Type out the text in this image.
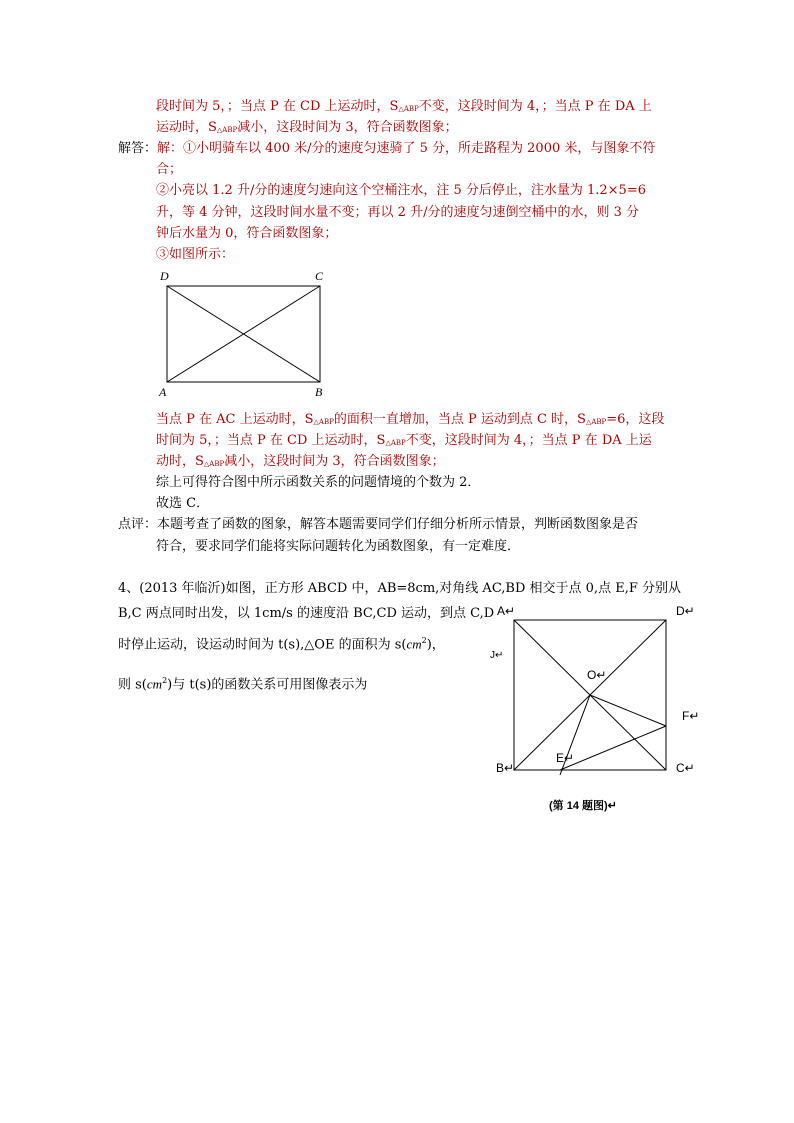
段时间为 5，；当点 P 在 CD 上运动时，S△ABP不变，这段时间为 4，；当点 P 在 DA 上
运动时，S△ABP减小，这段时间为 3，符合函数图象；
解答：解：①小明骑车以 400 米/分的速度匀速骑了 5 分，所走路程为 2000 米，与图象不符
合；
②小亮以 1.2 升/分的速度匀速向这个空桶注水，注 5 分后停止，注水量为 1.2×5=6
升，等 4 分钟，这段时间水量不变；再以 2 升/分的速度匀速倒空桶中的水，则 3 分
钟后水量为 0，符合函数图象；
③如图所示：
D	C
A	B
当点 P 在 AC 上运动时，S△ABP的面积一直增加，当点 P 运动到点 C 时，S△ABP=6，这段
时间为 5，；当点 P 在 CD 上运动时，S△ABP不变，这段时间为 4，；当点 P 在 DA 上运
动时，S△ABP减小，这段时间为 3，符合函数图象；
综上可得符合图中所示函数关系的问题情境的个数为 2．
故选 C．
点评：本题考查了函数的图象，解答本题需要同学们仔细分析所示情景，判断函数图象是否
符合，要求同学们能将实际问题转化为函数图象，有一定难度．
4、(2013 年临沂)如图，正方形 ABCD 中，AB=8cm,对角线 AC,BD 相交于点 0,点 E,F 分别从
B,C 两点同时出发，以 1cm/s 的速度沿 BC,CD 运动，到点 C,D
时停止运动，设运动时间为 t(s),△OE 的面积为 $s(cm^2)$，
J↵
则 $s(cm^2)$与 t(s)的函数关系可用图像表示为
A↵	D↵
O↵
F↵
B↵
E↵
C↵
(第 14 题图)↵
